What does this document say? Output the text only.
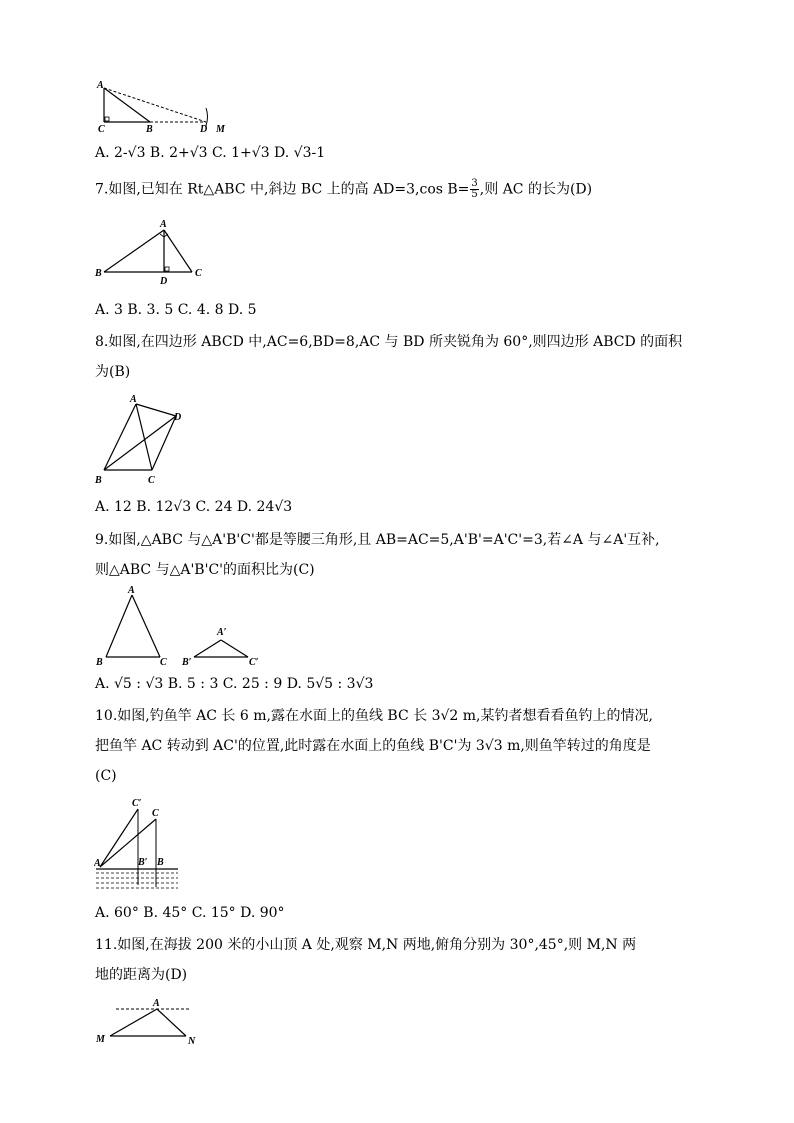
A
C	B	D M
A. 2-√3 B. 2+√3 C. 1+√3 D. √3-1
7.如图,已知在 Rt△ABC 中,斜边 BC 上的高 AD=3,cos $B= \frac{3}{5}$ ,则 AC 的长为(D)
A
B
D
C
A. 3 B. 3. 5 C. 4. 8 D. 5
8.如图,在四边形 ABCD 中,AC=6,BD=8,AC 与 BD 所夹锐角为 60°,则四边形 ABCD 的面积
为(B)
A
D
B	C
A. 12 B. 12√3 C. 24 D. 24√3
9.如图,△ABC 与△A'B'C'都是等腰三角形,且 AB=AC=5,A'B'=A'C'=3,若∠A 与∠A'互补,
则△ABC 与△A'B'C'的面积比为(C)
A
B	C
A′
B′	C′
A. √5 : √3 B. 5 : 3 C. 25 : 9 D. 5√5 : 3√3
10.如图,钓鱼竿 AC 长 6 m,露在水面上的鱼线 BC 长 3√2 m,某钓者想看看鱼钓上的情况,
把鱼竿 AC 转动到 AC'的位置,此时露在水面上的鱼线 B'C'为 3√3 m,则鱼竿转过的角度是
(C)
C′
C
A	B′ B
A. 60° B. 45° C. 15° D. 90°
11.如图,在海拔 200 米的小山顶 A 处,观察 M,N 两地,俯角分别为 30°,45°,则 M,N 两
地的距离为(D)
A
M	N
